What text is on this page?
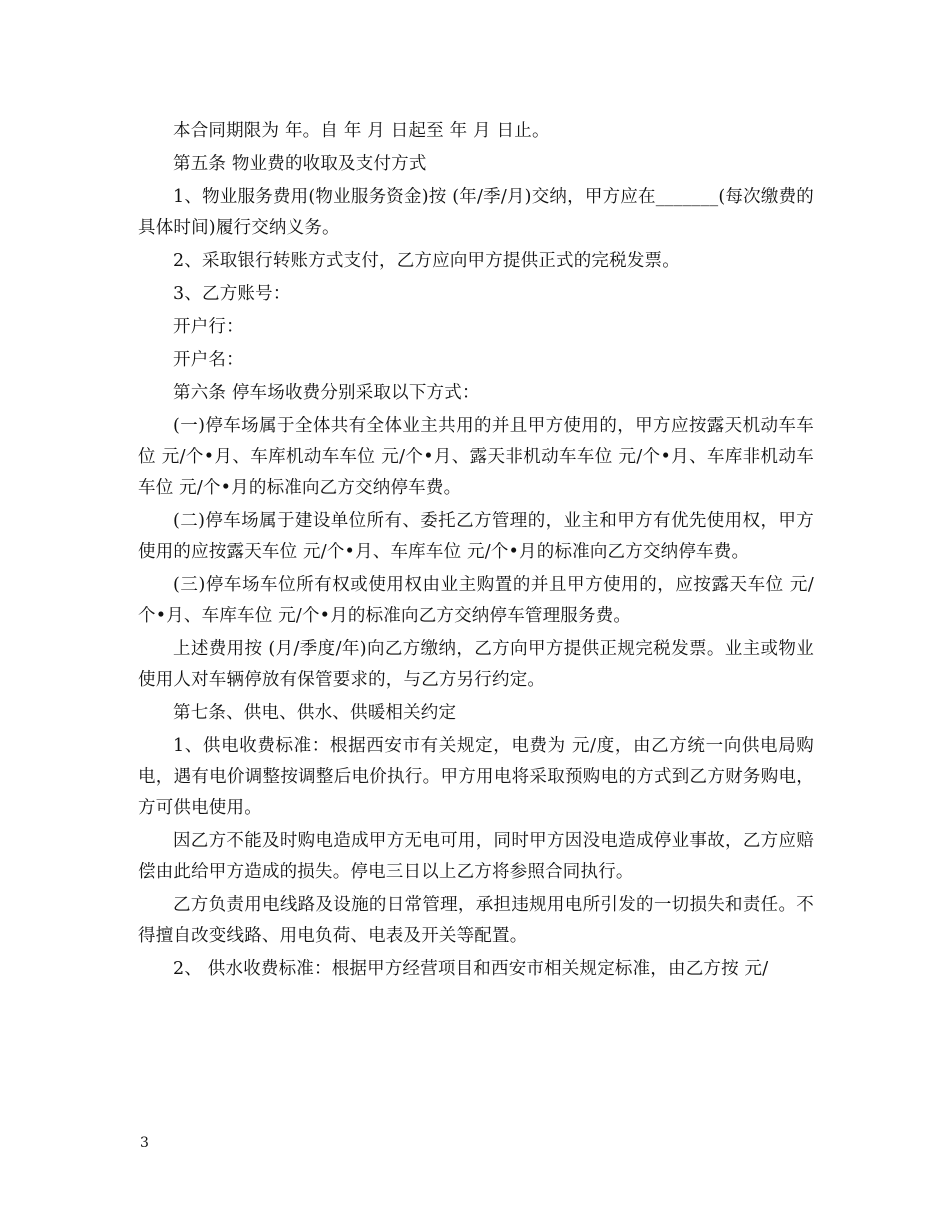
本合同期限为 年。自 年 月 日起至 年 月 日止。

第五条 物业费的收取及支付方式

1、物业服务费用(物业服务资金)按 (年/季/月)交纳，甲方应在_______(每次缴费的具体时间)履行交纳义务。

2、采取银行转账方式支付，乙方应向甲方提供正式的完税发票。

3、乙方账号：

开户行：

开户名：

第六条 停车场收费分别采取以下方式：

(一)停车场属于全体共有全体业主共用的并且甲方使用的，甲方应按露天机动车车位 元/个•月、车库机动车车位 元/个•月、露天非机动车车位 元/个•月、车库非机动车车位 元/个•月的标准向乙方交纳停车费。

(二)停车场属于建设单位所有、委托乙方管理的，业主和甲方有优先使用权，甲方使用的应按露天车位 元/个•月、车库车位 元/个•月的标准向乙方交纳停车费。

(三)停车场车位所有权或使用权由业主购置的并且甲方使用的，应按露天车位 元/个•月、车库车位 元/个•月的标准向乙方交纳停车管理服务费。

上述费用按 (月/季度/年)向乙方缴纳，乙方向甲方提供正规完税发票。业主或物业使用人对车辆停放有保管要求的，与乙方另行约定。

第七条、供电、供水、供暖相关约定

1、供电收费标准：根据西安市有关规定，电费为 元/度，由乙方统一向供电局购电，遇有电价调整按调整后电价执行。甲方用电将采取预购电的方式到乙方财务购电，方可供电使用。

因乙方不能及时购电造成甲方无电可用，同时甲方因没电造成停业事故，乙方应赔偿由此给甲方造成的损失。停电三日以上乙方将参照合同执行。

乙方负责用电线路及设施的日常管理，承担违规用电所引发的一切损失和责任。不得擅自改变线路、用电负荷、电表及开关等配置。

2、 供水收费标准：根据甲方经营项目和西安市相关规定标准，由乙方按 元/

3
